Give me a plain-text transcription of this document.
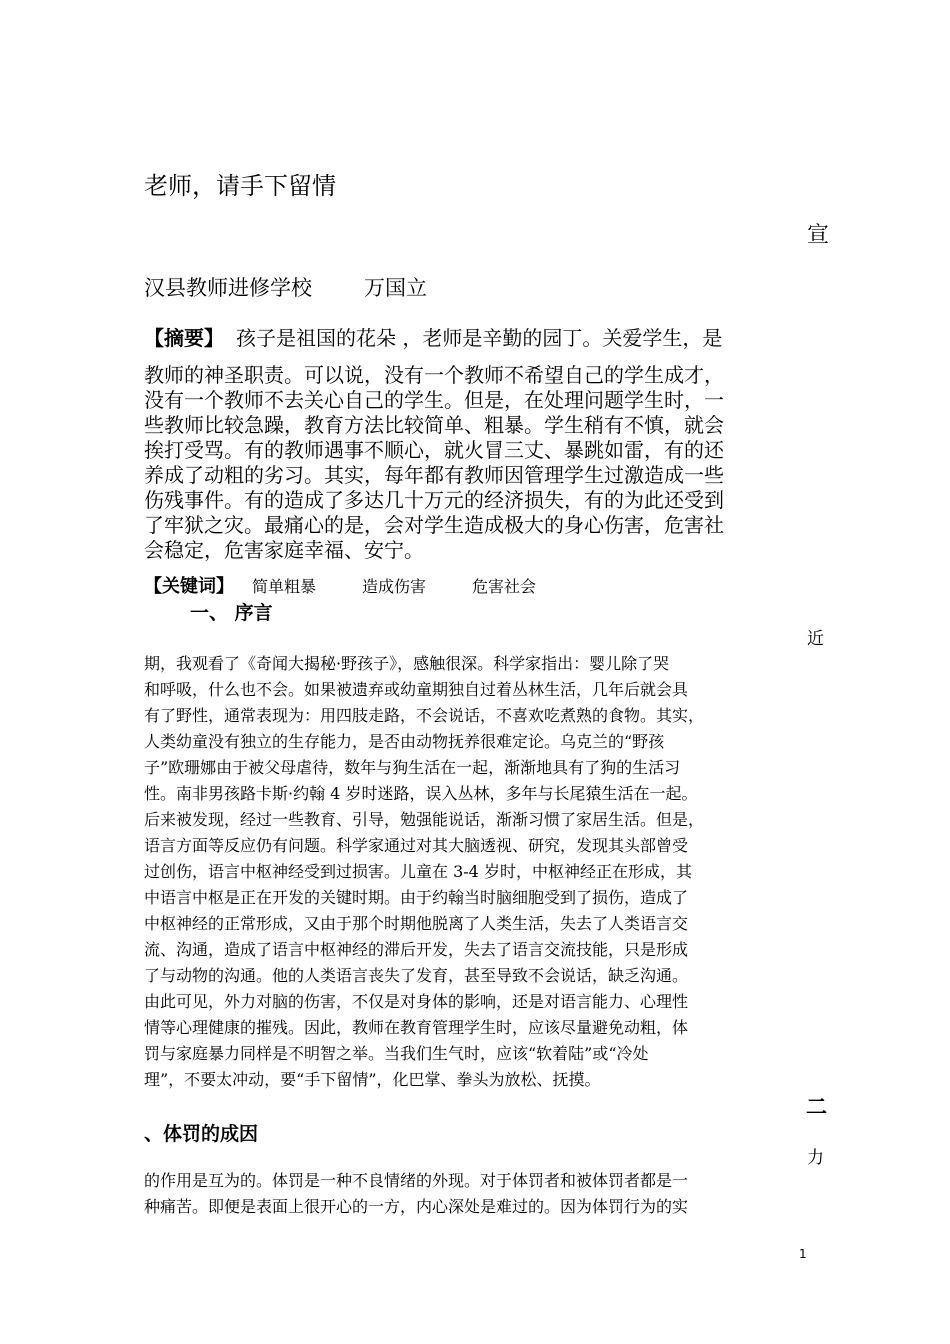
老师，请手下留情
宣
汉县教师进修学校 万国立
【摘要】 孩子是祖国的花朵 ，老师是辛勤的园丁。关爱学生，是
教师的神圣职责。可以说，没有一个教师不希望自己的学生成才，
没有一个教师不去关心自己的学生。但是，在处理问题学生时，一
些教师比较急躁，教育方法比较简单、粗暴。学生稍有不慎，就会
挨打受骂。有的教师遇事不顺心，就火冒三丈、暴跳如雷，有的还
养成了动粗的劣习。其实，每年都有教师因管理学生过激造成一些
伤残事件。有的造成了多达几十万元的经济损失，有的为此还受到
了牢狱之灾。最痛心的是，会对学生造成极大的身心伤害，危害社
会稳定，危害家庭幸福、安宁。
【关键词】 简单粗暴	造成伤害	危害社会
一、 序言
近
期，我观看了《奇闻大揭秘·野孩子》，感触很深。科学家指出：婴儿除了哭
和呼吸，什么也不会。如果被遗弃或幼童期独自过着丛林生活，几年后就会具
有了野性，通常表现为：用四肢走路，不会说话，不喜欢吃煮熟的食物。其实，
人类幼童没有独立的生存能力，是否由动物抚养很难定论。乌克兰的“野孩
子”欧珊娜由于被父母虐待，数年与狗生活在一起，渐渐地具有了狗的生活习
性。南非男孩路卡斯·约翰 4 岁时迷路，误入丛林，多年与长尾猿生活在一起。
后来被发现，经过一些教育、引导，勉强能说话，渐渐习惯了家居生活。但是，
语言方面等反应仍有问题。科学家通过对其大脑透视、研究，发现其头部曾受
过创伤，语言中枢神经受到过损害。儿童在 3-4 岁时，中枢神经正在形成，其
中语言中枢是正在开发的关键时期。由于约翰当时脑细胞受到了损伤，造成了
中枢神经的正常形成，又由于那个时期他脱离了人类生活，失去了人类语言交
流、沟通，造成了语言中枢神经的滞后开发，失去了语言交流技能，只是形成
了与动物的沟通。他的人类语言丧失了发育，甚至导致不会说话，缺乏沟通。
由此可见，外力对脑的伤害，不仅是对身体的影响，还是对语言能力、心理性
情等心理健康的摧残。因此，教师在教育管理学生时，应该尽量避免动粗，体
罚与家庭暴力同样是不明智之举。当我们生气时，应该“软着陆”或“冷处
理”，不要太冲动，要“手下留情”，化巴掌、拳头为放松、抚摸。
二
、体罚的成因
力
的作用是互为的。体罚是一种不良情绪的外现。对于体罚者和被体罚者都是一
种痛苦。即便是表面上很开心的一方，内心深处是难过的。因为体罚行为的实
1
